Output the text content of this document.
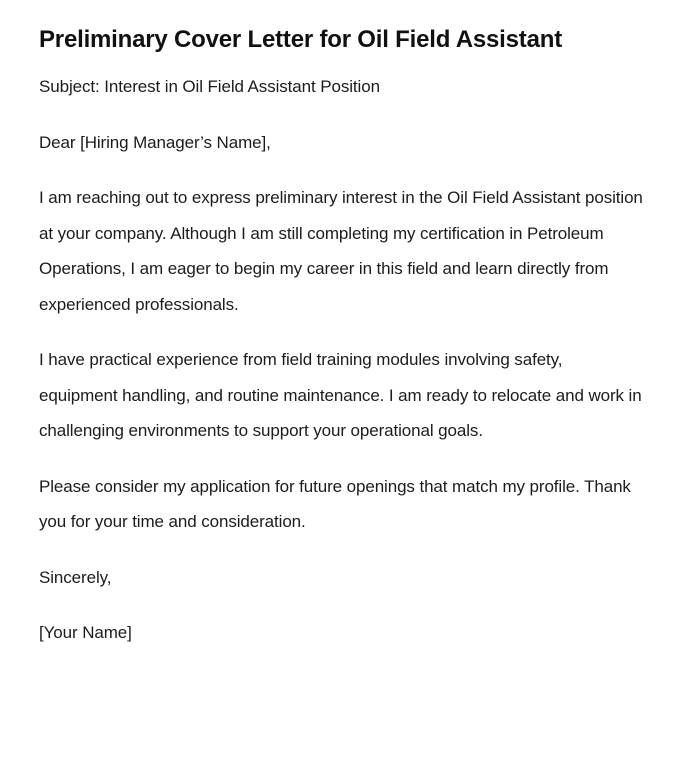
Preliminary Cover Letter for Oil Field Assistant

Subject: Interest in Oil Field Assistant Position

Dear [Hiring Manager’s Name],

I am reaching out to express preliminary interest in the Oil Field Assistant position at your company. Although I am still completing my certification in Petroleum Operations, I am eager to begin my career in this field and learn directly from experienced professionals.

I have practical experience from field training modules involving safety, equipment handling, and routine maintenance. I am ready to relocate and work in challenging environments to support your operational goals.

Please consider my application for future openings that match my profile. Thank you for your time and consideration.

Sincerely,

[Your Name]
